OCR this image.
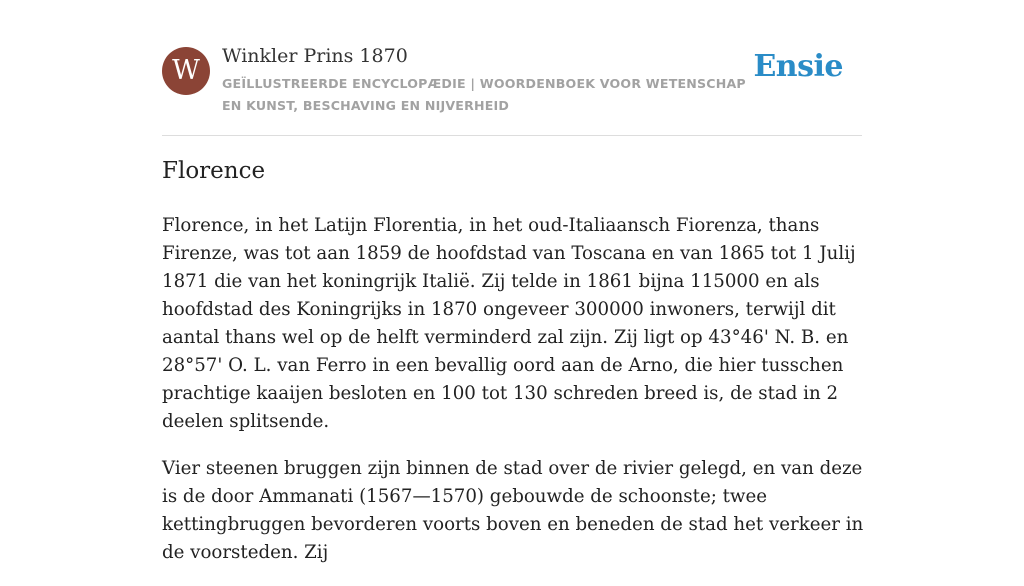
W	Winkler Prins 1870
GEÏLLUSTREERDE ENCYCLOPÆDIE | WOORDENBOEK VOOR WETENSCHAP EN KUNST, BESCHAVING EN NIJVERHEID
Ensie
Florence

Florence, in het Latijn Florentia, in het oud-Italiaansch Fiorenza, thans Firenze, was tot aan 1859 de hoofdstad van Toscana en van 1865 tot 1 Julij 1871 die van het koningrijk Italië. Zij telde in 1861 bijna 115000 en als hoofdstad des Koningrijks in 1870 ongeveer 300000 inwoners, terwijl dit aantal thans wel op de helft verminderd zal zijn. Zij ligt op 43°46' N. B. en 28°57' O. L. van Ferro in een bevallig oord aan de Arno, die hier tusschen prachtige kaaijen besloten en 100 tot 130 schreden breed is, de stad in 2 deelen splitsende.

Vier steenen bruggen zijn binnen de stad over de rivier gelegd, en van deze is de door Ammanati (1567—1570) gebouwde de schoonste; twee kettingbruggen bevorderen voorts boven en beneden de stad het verkeer in de voorsteden. Zij
